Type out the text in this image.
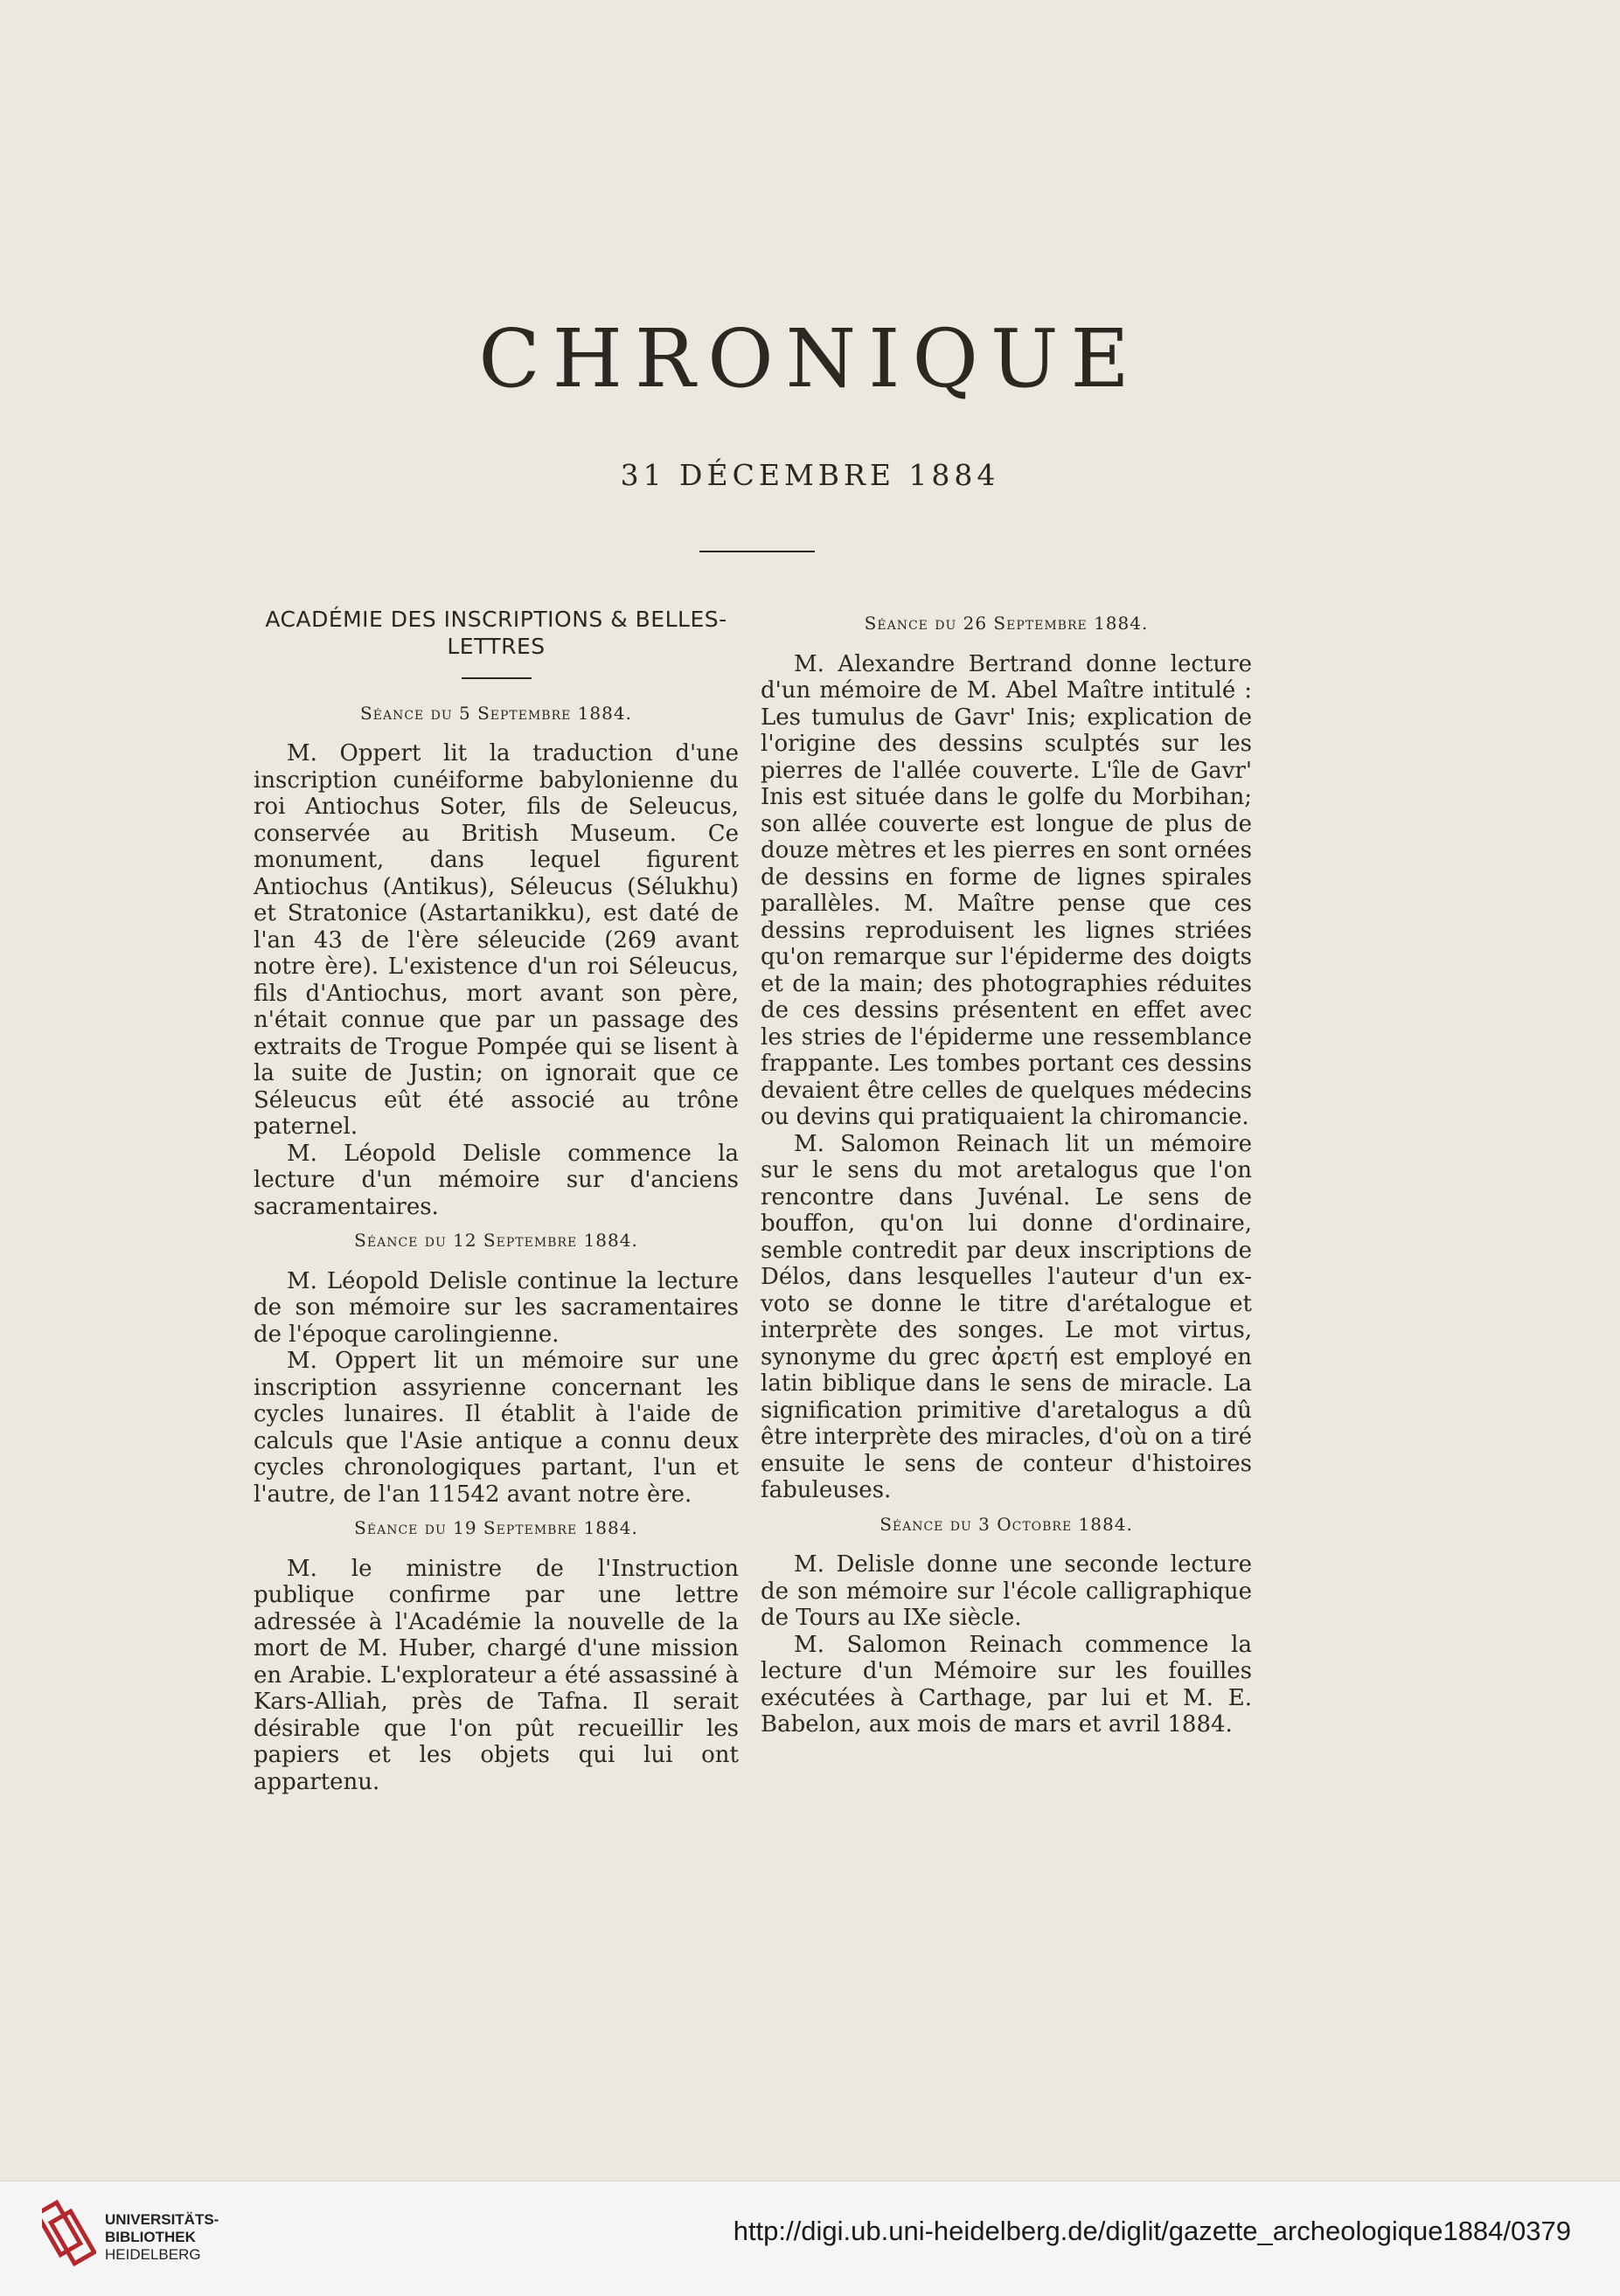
CHRONIQUE
31 DÉCEMBRE 1884
ACADÉMIE DES INSCRIPTIONS & BELLES-LETTRES
Séance du 5 Septembre 1884.

M. Oppert lit la traduction d'une inscription cunéiforme babylonienne du roi Antiochus Soter, fils de Seleucus, conservée au British Museum. Ce monument, dans lequel figurent Antiochus (Antikus), Séleucus (Sélukhu) et Stratonice (Astartanikku), est daté de l'an 43 de l'ère séleucide (269 avant notre ère). L'existence d'un roi Séleucus, fils d'Antiochus, mort avant son père, n'était connue que par un passage des extraits de Trogue Pompée qui se lisent à la suite de Justin; on ignorait que ce Séleucus eût été associé au trône paternel.

M. Léopold Delisle commence la lecture d'un mémoire sur d'anciens sacramentaires.

Séance du 12 Septembre 1884.

M. Léopold Delisle continue la lecture de son mémoire sur les sacramentaires de l'époque carolingienne.

M. Oppert lit un mémoire sur une inscription assyrienne concernant les cycles lunaires. Il établit à l'aide de calculs que l'Asie antique a connu deux cycles chronologiques partant, l'un et l'autre, de l'an 11542 avant notre ère.

Séance du 19 Septembre 1884.

M. le ministre de l'Instruction publique confirme par une lettre adressée à l'Académie la nouvelle de la mort de M. Huber, chargé d'une mission en Arabie. L'explorateur a été assassiné à Kars-Alliah, près de Tafna. Il serait désirable que l'on pût recueillir les papiers et les objets qui lui ont appartenu.

Séance du 26 Septembre 1884.

M. Alexandre Bertrand donne lecture d'un mémoire de M. Abel Maître intitulé : Les tumulus de Gavr' Inis; explication de l'origine des dessins sculptés sur les pierres de l'allée couverte. L'île de Gavr' Inis est située dans le golfe du Morbihan; son allée couverte est longue de plus de douze mètres et les pierres en sont ornées de dessins en forme de lignes spirales parallèles. M. Maître pense que ces dessins reproduisent les lignes striées qu'on remarque sur l'épiderme des doigts et de la main; des photographies réduites de ces dessins présentent en effet avec les stries de l'épiderme une ressemblance frappante. Les tombes portant ces dessins devaient être celles de quelques médecins ou devins qui pratiquaient la chiromancie.

M. Salomon Reinach lit un mémoire sur le sens du mot aretalogus que l'on rencontre dans Juvénal. Le sens de bouffon, qu'on lui donne d'ordinaire, semble contredit par deux inscriptions de Délos, dans lesquelles l'auteur d'un ex-voto se donne le titre d'arétalogue et interprète des songes. Le mot virtus, synonyme du grec ἀρετή est employé en latin biblique dans le sens de miracle. La signification primitive d'aretalogus a dû être interprète des miracles, d'où on a tiré ensuite le sens de conteur d'histoires fabuleuses.

Séance du 3 Octobre 1884.

M. Delisle donne une seconde lecture de son mémoire sur l'école calligraphique de Tours au IXe siècle.

M. Salomon Reinach commence la lecture d'un Mémoire sur les fouilles exécutées à Carthage, par lui et M. E. Babelon, aux mois de mars et avril 1884.

UNIVERSITÄTS-
BIBLIOTHEK
HEIDELBERG
http://digi.ub.uni-heidelberg.de/diglit/gazette_archeologique1884/0379
